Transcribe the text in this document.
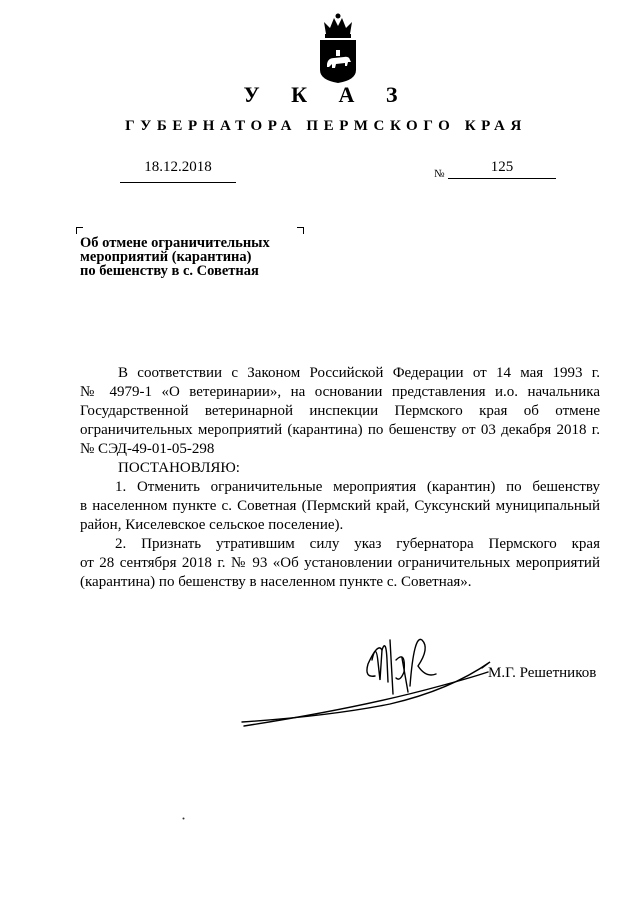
У К А З
ГУБЕРНАТОРА ПЕРМСКОГО КРАЯ
18.12.2018	№	125
Об отмене ограничительных
мероприятий (карантина)
по бешенству в с. Советная
В соответствии с Законом Российской Федерации от 14 мая 1993 г.
№ 4979-1 «О ветеринарии», на основании представления и.о. начальника
Государственной ветеринарной инспекции Пермского края об отмене
ограничительных мероприятий (карантина) по бешенству от 03 декабря 2018 г.
№ СЭД-49-01-05-298
ПОСТАНОВЛЯЮ:
1. Отменить ограничительные мероприятия (карантин) по бешенству
в населенном пункте с. Советная (Пермский край, Суксунский муниципальный
район, Киселевское сельское поселение).
2. Признать утратившим силу указ губернатора Пермского края
от 28 сентября 2018 г. № 93 «Об установлении ограничительных мероприятий
(карантина) по бешенству в населенном пункте с. Советная».
М.Г. Решетников
